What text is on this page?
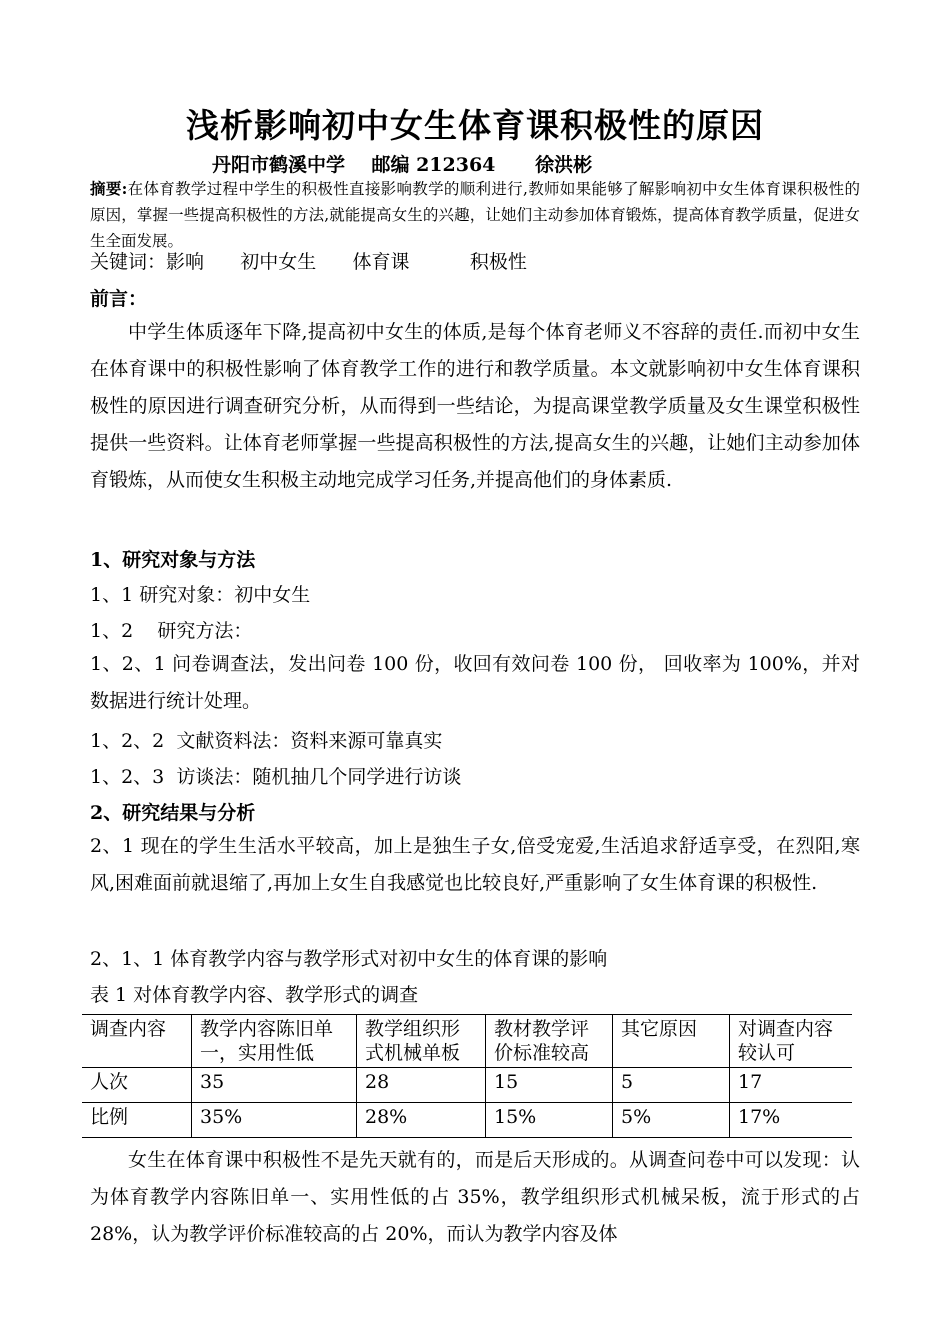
浅析影响初中女生体育课积极性的原因
丹阳市鹤溪中学    邮编 212364      徐洪彬
摘要:在体育教学过程中学生的积极性直接影响教学的顺利进行,教师如果能够了解影响初中女生体育课积极性的原因，掌握一些提高积极性的方法,就能提高女生的兴趣，让她们主动参加体育锻炼，提高体育教学质量，促进女生全面发展。
关键词：影响      初中女生      体育课          积极性
前言：
中学生体质逐年下降,提高初中女生的体质,是每个体育老师义不容辞的责任.而初中女生在体育课中的积极性影响了体育教学工作的进行和教学质量。本文就影响初中女生体育课积极性的原因进行调查研究分析，从而得到一些结论，为提高课堂教学质量及女生课堂积极性提供一些资料。让体育老师掌握一些提高积极性的方法,提高女生的兴趣，让她们主动参加体育锻炼，从而使女生积极主动地完成学习任务,并提高他们的身体素质.
1、研究对象与方法
1、1 研究对象：初中女生
1、2    研究方法：
1、2、1 问卷调查法，发出问卷 100 份，收回有效问卷 100 份， 回收率为 100%，并对数据进行统计处理。
1、2、2  文献资料法：资料来源可靠真实
1、2、3  访谈法：随机抽几个同学进行访谈
2、研究结果与分析
2、1 现在的学生生活水平较高，加上是独生子女,倍受宠爱,生活追求舒适享受，在烈阳,寒风,困难面前就退缩了,再加上女生自我感觉也比较良好,严重影响了女生体育课的积极性.
2、1、1 体育教学内容与教学形式对初中女生的体育课的影响
表 1 对体育教学内容、教学形式的调查
调查内容	教学内容陈旧单一，实用性低	教学组织形式机械单板	教材教学评价标准较高	其它原因	对调查内容较认可
人次	35	28	15	5	17
比例	35%	28%	15%	5%	17%
女生在体育课中积极性不是先天就有的，而是后天形成的。从调查问卷中可以发现：认为体育教学内容陈旧单一、实用性低的占 35%，教学组织形式机械呆板，流于形式的占 28%，认为教学评价标准较高的占 20%，而认为教学内容及体
